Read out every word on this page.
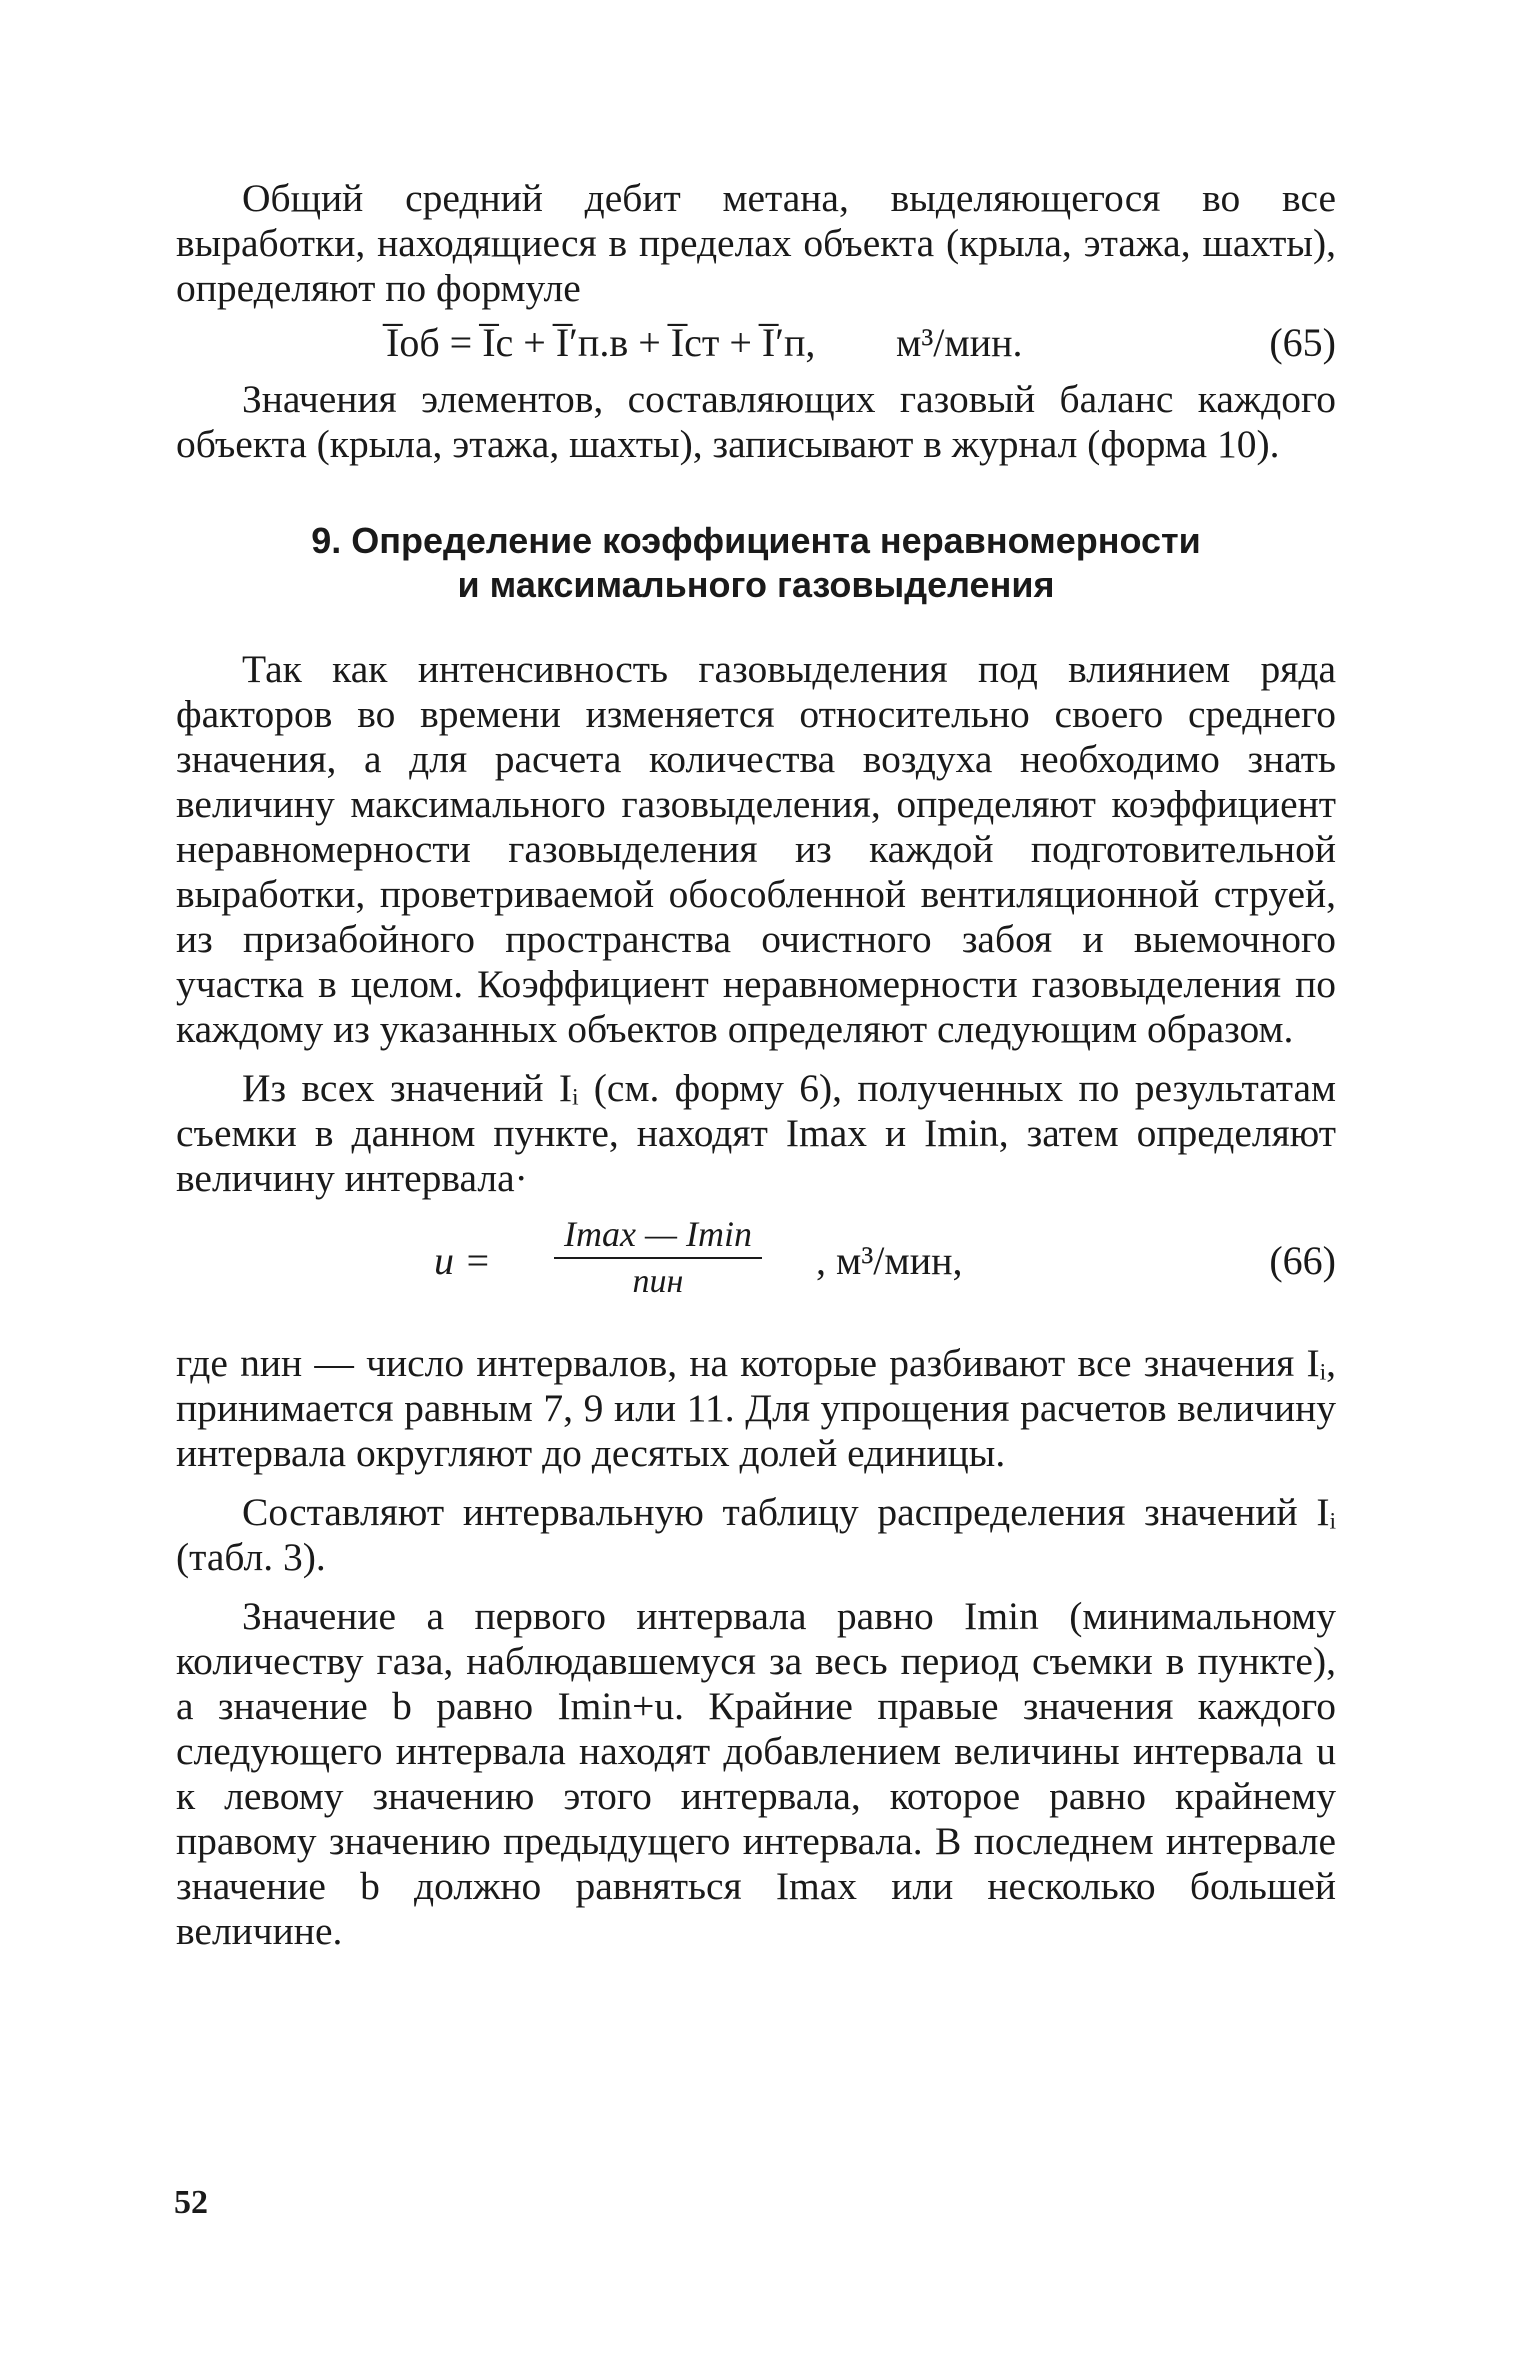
Общий средний дебит метана, выделяющегося во все выработки, находящиеся в пределах объекта (крыла, этажа, шахты), определяют по формуле

I̅об = I̅с + I̅′п.в + I̅ст + I̅′п, м³/мин.	(65)

Значения элементов, составляющих газовый баланс каждого объекта (крыла, этажа, шахты), записывают в журнал (форма 10).

9. Определение коэффициента неравномерности
и максимального газовыделения

Так как интенсивность газовыделения под влиянием ряда факторов во времени изменяется относительно своего среднего значения, а для расчета количества воздуха необходимо знать величину максимального газовыделения, определяют коэффициент неравномерности газовыделения из каждой подготовительной выработки, проветриваемой обособленной вентиляционной струей, из призабойного пространства очистного забоя и выемочного участка в целом. Коэффициент неравномерности газовыделения по каждому из указанных объектов определяют следующим образом.

Из всех значений Iᵢ (см. форму 6), полученных по результатам съемки в данном пункте, находят Imax и Imin, затем определяют величину интервала·

u =
Imax — Imin
nин	, м³/мин,	(66)

где nин — число интервалов, на которые разбивают все значения Iᵢ, принимается равным 7, 9 или 11. Для упрощения расчетов величину интервала округляют до десятых долей единицы.

Составляют интервальную таблицу распределения значений Iᵢ (табл. 3).

Значение a первого интервала равно Imin (минимальному количеству газа, наблюдавшемуся за весь период съемки в пункте), а значение b равно Imin+u. Крайние правые значения каждого следующего интервала находят добавлением величины интервала u к левому значению этого интервала, которое равно крайнему правому значению предыдущего интервала. В последнем интервале значение b должно равняться Imax или несколько большей величине.

52
